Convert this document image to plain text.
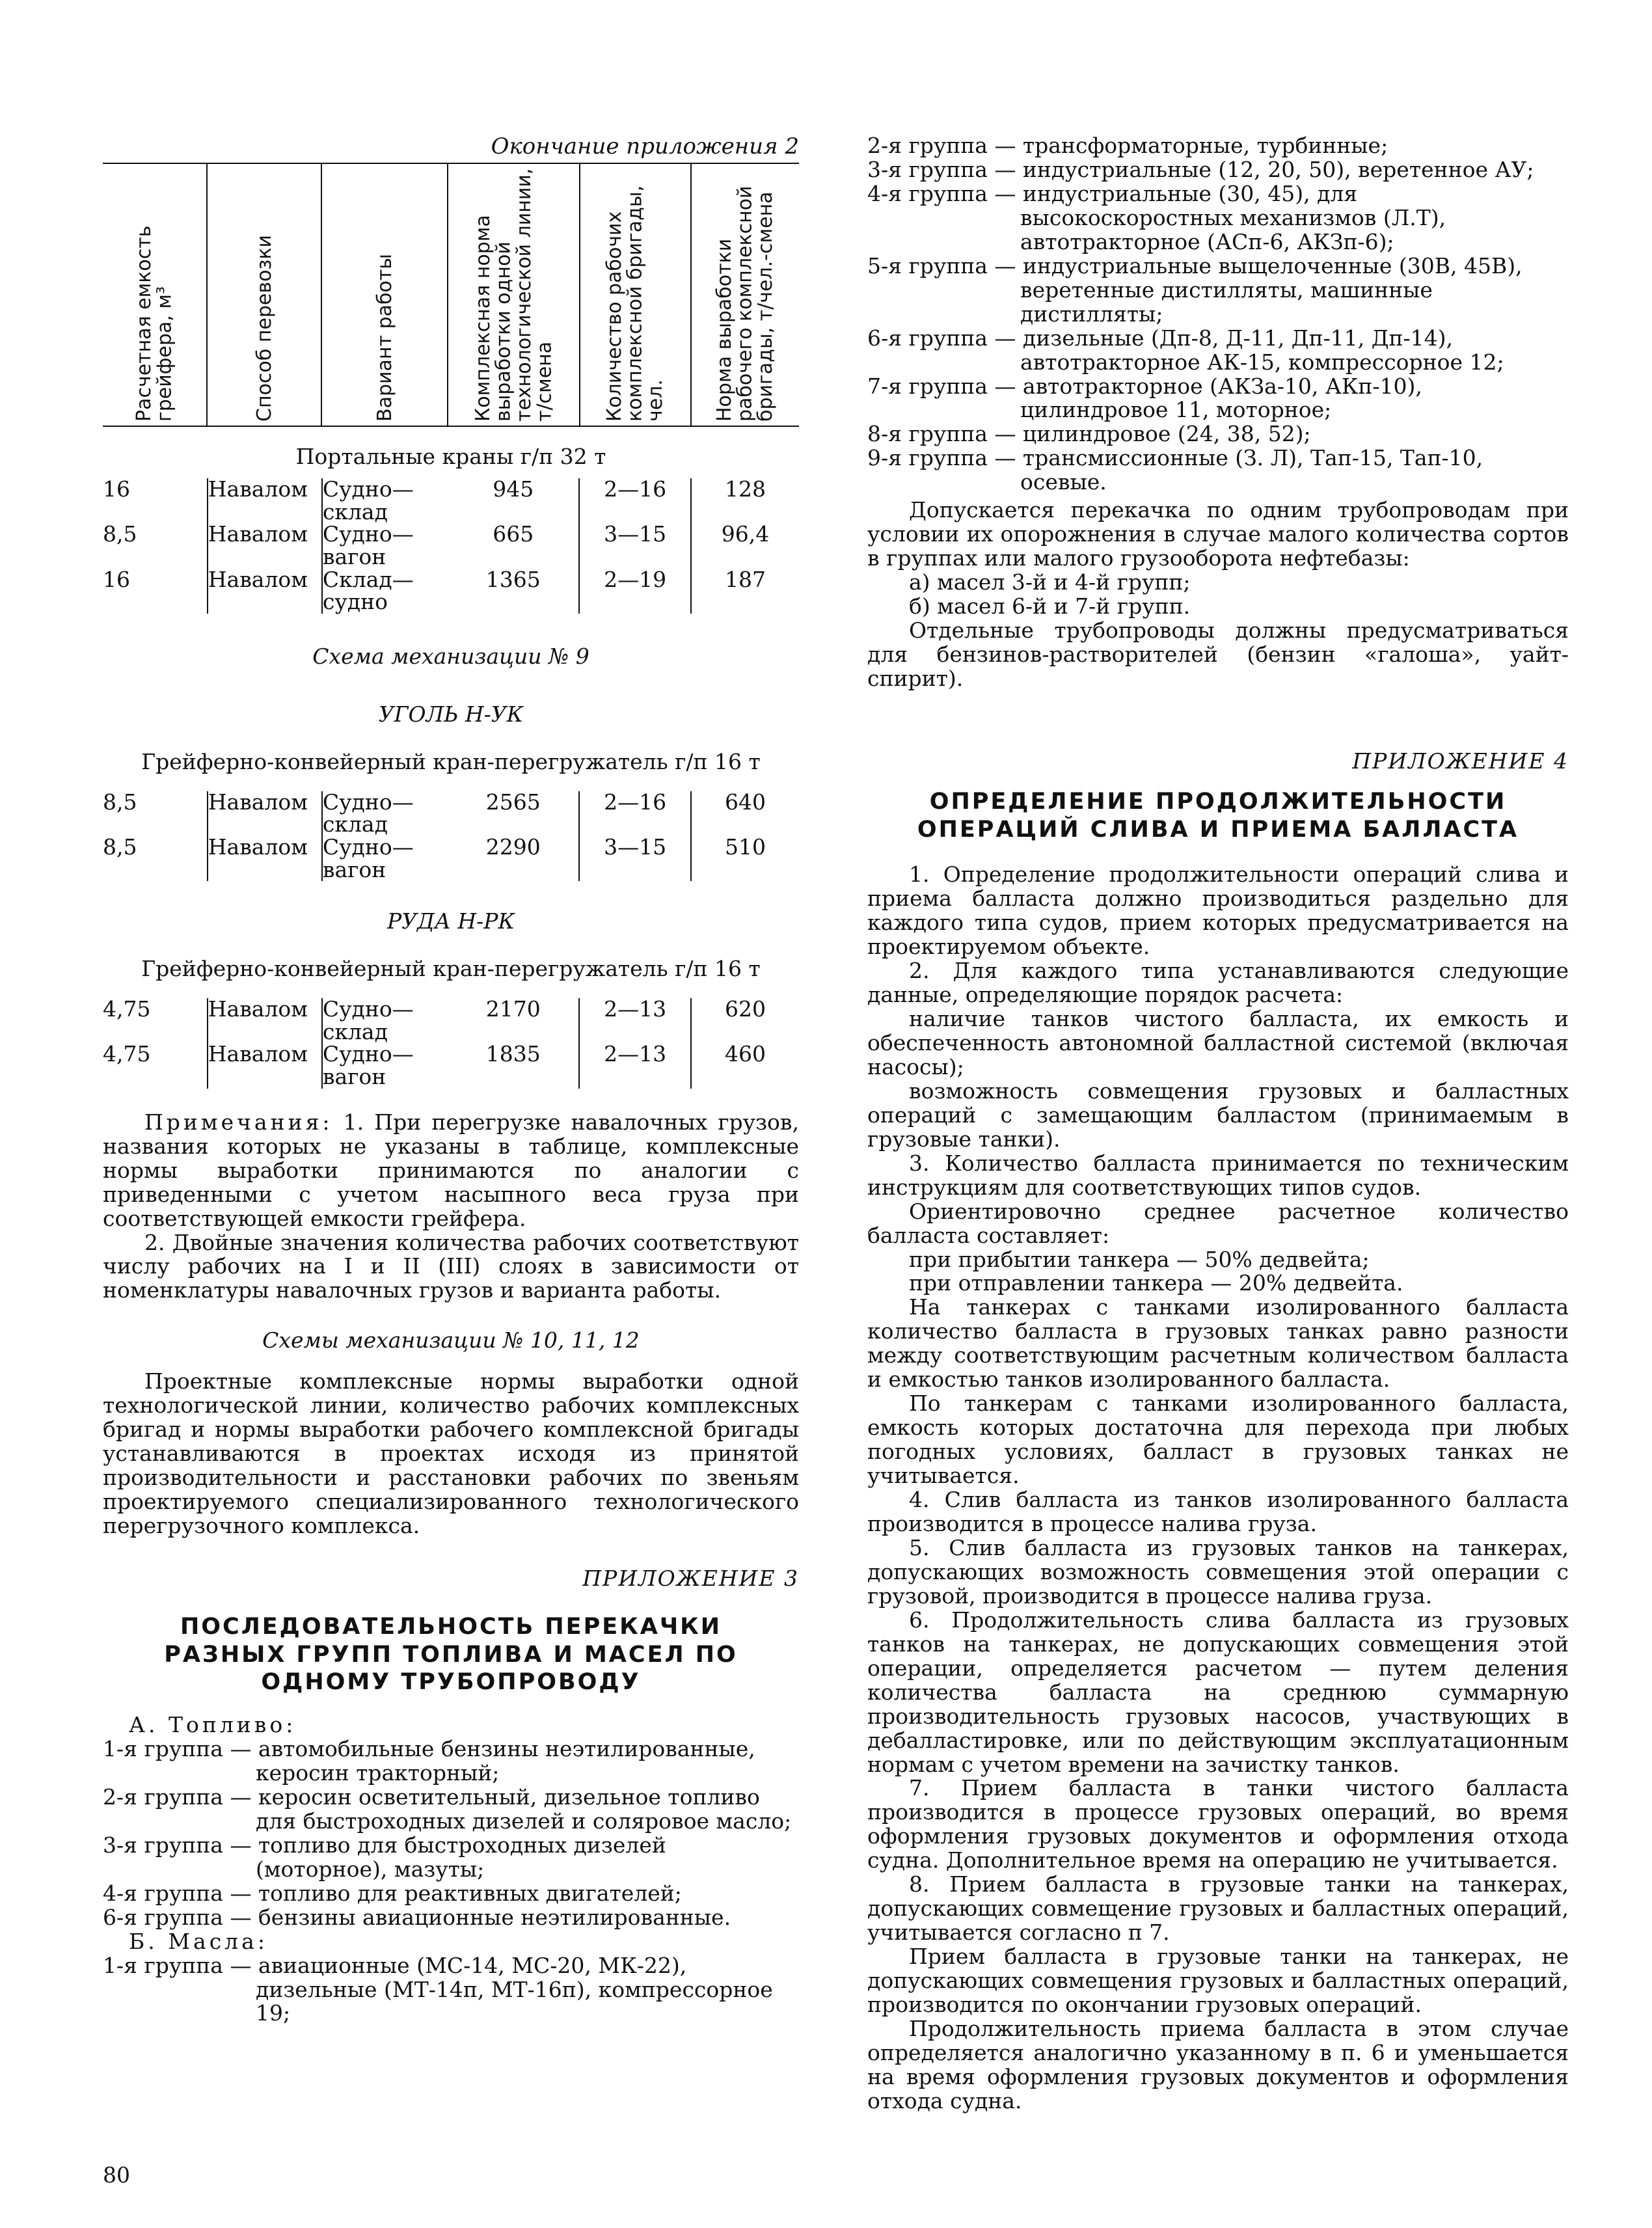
Окончание приложения 2
Расчетная емкость грейфера, м³	Способ перевозки	Вариант работы	Комплексная норма выработки одной технологической линии, т/смена	Количество рабочих комплексной бригады, чел.	Норма выработки рабочего комплексной бригады, т/чел.-смена
Портальные краны г/п 32 т
16	Навалом	Судно—склад	945	2—16	128
8,5	Навалом	Судно—вагон	665	3—15	96,4
16	Навалом	Склад—судно	1365	2—19	187
Схема механизации № 9
УГОЛЬ Н-УК
Грейферно-конвейерный кран-перегружатель г/п 16 т
8,5	Навалом	Судно—склад	2565	2—16	640
8,5	Навалом	Судно—вагон	2290	3—15	510
РУДА Н-РК
Грейферно-конвейерный кран-перегружатель г/п 16 т
4,75	Навалом	Судно—склад	2170	2—13	620
4,75	Навалом	Судно—вагон	1835	2—13	460

Примечания: 1. При перегрузке навалочных грузов, названия которых не указаны в таблице, комплексные нормы выработки принимаются по аналогии с приведенными с учетом насыпного веса груза при соответствующей емкости грейфера.

2. Двойные значения количества рабочих соответствуют числу рабочих на I и II (III) слоях в зависимости от номенклатуры навалочных грузов и варианта работы.

Схемы механизации № 10, 11, 12

Проектные комплексные нормы выработки одной технологической линии, количество рабочих комплексных бригад и нормы выработки рабочего комплексной бригады устанавливаются в проектах исходя из принятой производительности и расстановки рабочих по звеньям проектируемого специализированного технологического перегрузочного комплекса.

ПРИЛОЖЕНИЕ 3
ПОСЛЕДОВАТЕЛЬНОСТЬ ПЕРЕКАЧКИ РАЗНЫХ ГРУПП ТОПЛИВА И МАСЕЛ ПО ОДНОМУ ТРУБОПРОВОДУ
А. Топливо:
1-я группа — автомобильные бензины неэтилированные, керосин тракторный;
2-я группа — керосин осветительный, дизельное топливо для быстроходных дизелей и соляровое масло;
3-я группа — топливо для быстроходных дизелей (моторное), мазуты;
4-я группа — топливо для реактивных двигателей;
6-я группа — бензины авиационные неэтилированные.
Б. Масла:
1-я группа — авиационные (МС-14, МС-20, МК-22), дизельные (МТ-14п, МТ-16п), компрессорное 19;
2-я группа — трансформаторные, турбинные;
3-я группа — индустриальные (12, 20, 50), веретенное АУ;
4-я группа — индустриальные (30, 45), для высокоскоростных механизмов (Л.Т), автотракторное (АСп-6, АКЗп-6);
5-я группа — индустриальные выщелоченные (30В, 45В), веретенные дистилляты, машинные дистилляты;
6-я группа — дизельные (Дп-8, Д-11, Дп-11, Дп-14), автотракторное АК-15, компрессорное 12;
7-я группа — автотракторное (АКЗа-10, АКп-10), цилиндровое 11, моторное;
8-я группа — цилиндровое (24, 38, 52);
9-я группа — трансмиссионные (З. Л), Тап-15, Тап-10, осевые.

Допускается перекачка по одним трубопроводам при условии их опорожнения в случае малого количества сортов в группах или малого грузооборота нефтебазы:

а) масел 3-й и 4-й групп;

б) масел 6-й и 7-й групп.

Отдельные трубопроводы должны предусматриваться для бензинов-растворителей (бензин «галоша», уайт-спирит).

ПРИЛОЖЕНИЕ 4
ОПРЕДЕЛЕНИЕ ПРОДОЛЖИТЕЛЬНОСТИ ОПЕРАЦИЙ СЛИВА И ПРИЕМА БАЛЛАСТА

1. Определение продолжительности операций слива и приема балласта должно производиться раздельно для каждого типа судов, прием которых предусматривается на проектируемом объекте.

2. Для каждого типа устанавливаются следующие данные, определяющие порядок расчета:

наличие танков чистого балласта, их емкость и обеспеченность автономной балластной системой (включая насосы);

возможность совмещения грузовых и балластных операций с замещающим балластом (принимаемым в грузовые танки).

3. Количество балласта принимается по техническим инструкциям для соответствующих типов судов.

Ориентировочно среднее расчетное количество балласта составляет:

при прибытии танкера — 50% дедвейта;

при отправлении танкера — 20% дедвейта.

На танкерах с танками изолированного балласта количество балласта в грузовых танках равно разности между соответствующим расчетным количеством балласта и емкостью танков изолированного балласта.

По танкерам с танками изолированного балласта, емкость которых достаточна для перехода при любых погодных условиях, балласт в грузовых танках не учитывается.

4. Слив балласта из танков изолированного балласта производится в процессе налива груза.

5. Слив балласта из грузовых танков на танкерах, допускающих возможность совмещения этой операции с грузовой, производится в процессе налива груза.

6. Продолжительность слива балласта из грузовых танков на танкерах, не допускающих совмещения этой операции, определяется расчетом — путем деления количества балласта на среднюю суммарную производительность грузовых насосов, участвующих в дебалластировке, или по действующим эксплуатационным нормам с учетом времени на зачистку танков.

7. Прием балласта в танки чистого балласта производится в процессе грузовых операций, во время оформления грузовых документов и оформления отхода судна. Дополнительное время на операцию не учитывается.

8. Прием балласта в грузовые танки на танкерах, допускающих совмещение грузовых и балластных операций, учитывается согласно п 7.

Прием балласта в грузовые танки на танкерах, не допускающих совмещения грузовых и балластных операций, производится по окончании грузовых операций.

Продолжительность приема балласта в этом случае определяется аналогично указанному в п. 6 и уменьшается на время оформления грузовых документов и оформления отхода судна.

80
